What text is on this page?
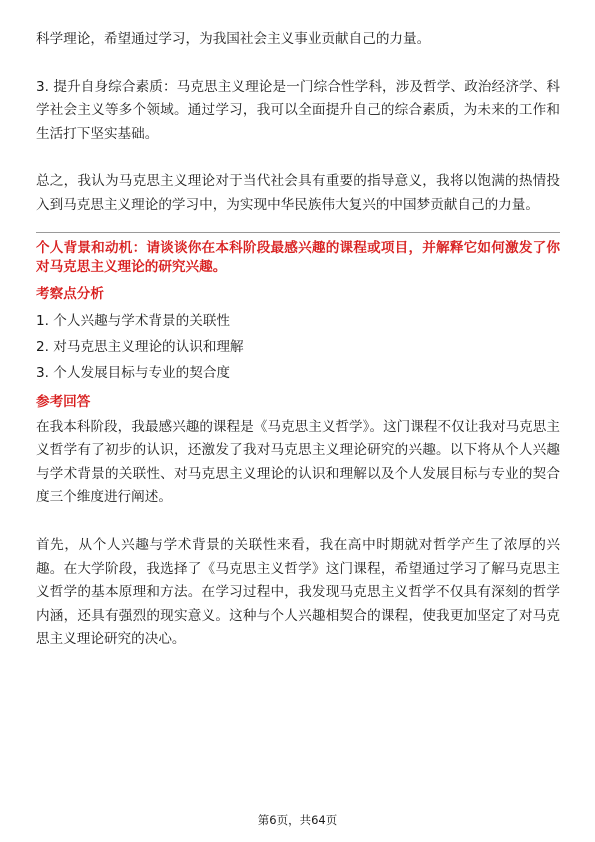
科学理论，希望通过学习，为我国社会主义事业贡献自己的力量。

3. 提升自身综合素质：马克思主义理论是一门综合性学科，涉及哲学、政治经济学、科学社会主义等多个领域。通过学习，我可以全面提升自己的综合素质，为未来的工作和生活打下坚实基础。

总之，我认为马克思主义理论对于当代社会具有重要的指导意义，我将以饱满的热情投入到马克思主义理论的学习中，为实现中华民族伟大复兴的中国梦贡献自己的力量。

个人背景和动机：请谈谈你在本科阶段最感兴趣的课程或项目，并解释它如何激发了你对马克思主义理论的研究兴趣。

考察点分析

1. 个人兴趣与学术背景的关联性

2. 对马克思主义理论的认识和理解

3. 个人发展目标与专业的契合度

参考回答

在我本科阶段，我最感兴趣的课程是《马克思主义哲学》。这门课程不仅让我对马克思主义哲学有了初步的认识，还激发了我对马克思主义理论研究的兴趣。以下将从个人兴趣与学术背景的关联性、对马克思主义理论的认识和理解以及个人发展目标与专业的契合度三个维度进行阐述。

首先，从个人兴趣与学术背景的关联性来看，我在高中时期就对哲学产生了浓厚的兴趣。在大学阶段，我选择了《马克思主义哲学》这门课程，希望通过学习了解马克思主义哲学的基本原理和方法。在学习过程中，我发现马克思主义哲学不仅具有深刻的哲学内涵，还具有强烈的现实意义。这种与个人兴趣相契合的课程，使我更加坚定了对马克思主义理论研究的决心。

第6页，共64页
